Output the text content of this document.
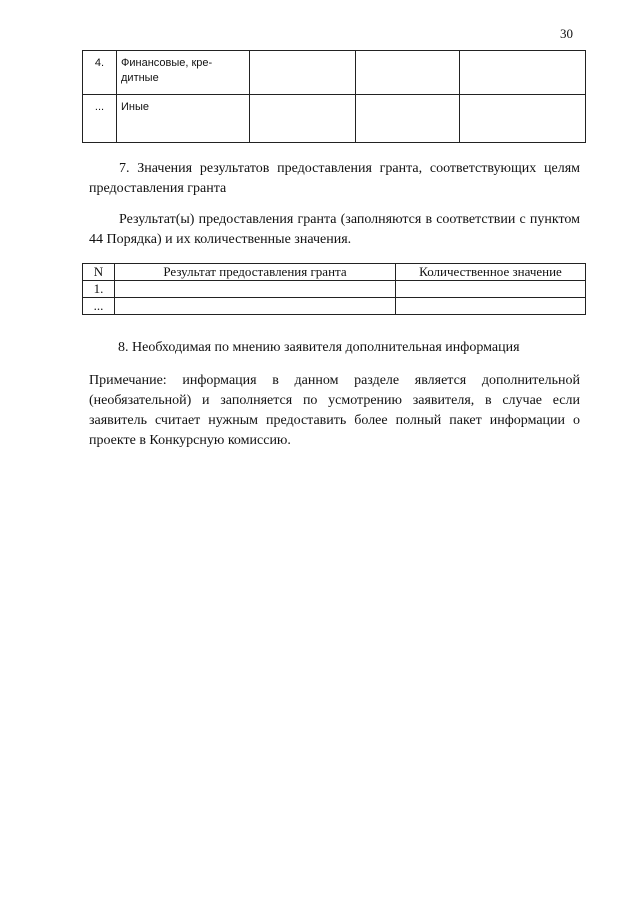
30
4.	Финансовые, кре-
дитные			
...	Иные			
7. Значения результатов предоставления гранта, соответствующих целям предоставления гранта
Результат(ы) предоставления гранта (заполняются в соответствии с пунктом 44 Порядка) и их количественные значения.
N	Результат предоставления гранта	Количественное значение
1.		
...		
8. Необходимая по мнению заявителя дополнительная информация
Примечание: информация в данном разделе является дополнительной (необязательной) и заполняется по усмотрению заявителя, в случае если заявитель считает нужным предоставить более полный пакет информации о проекте в Конкурсную комиссию.
